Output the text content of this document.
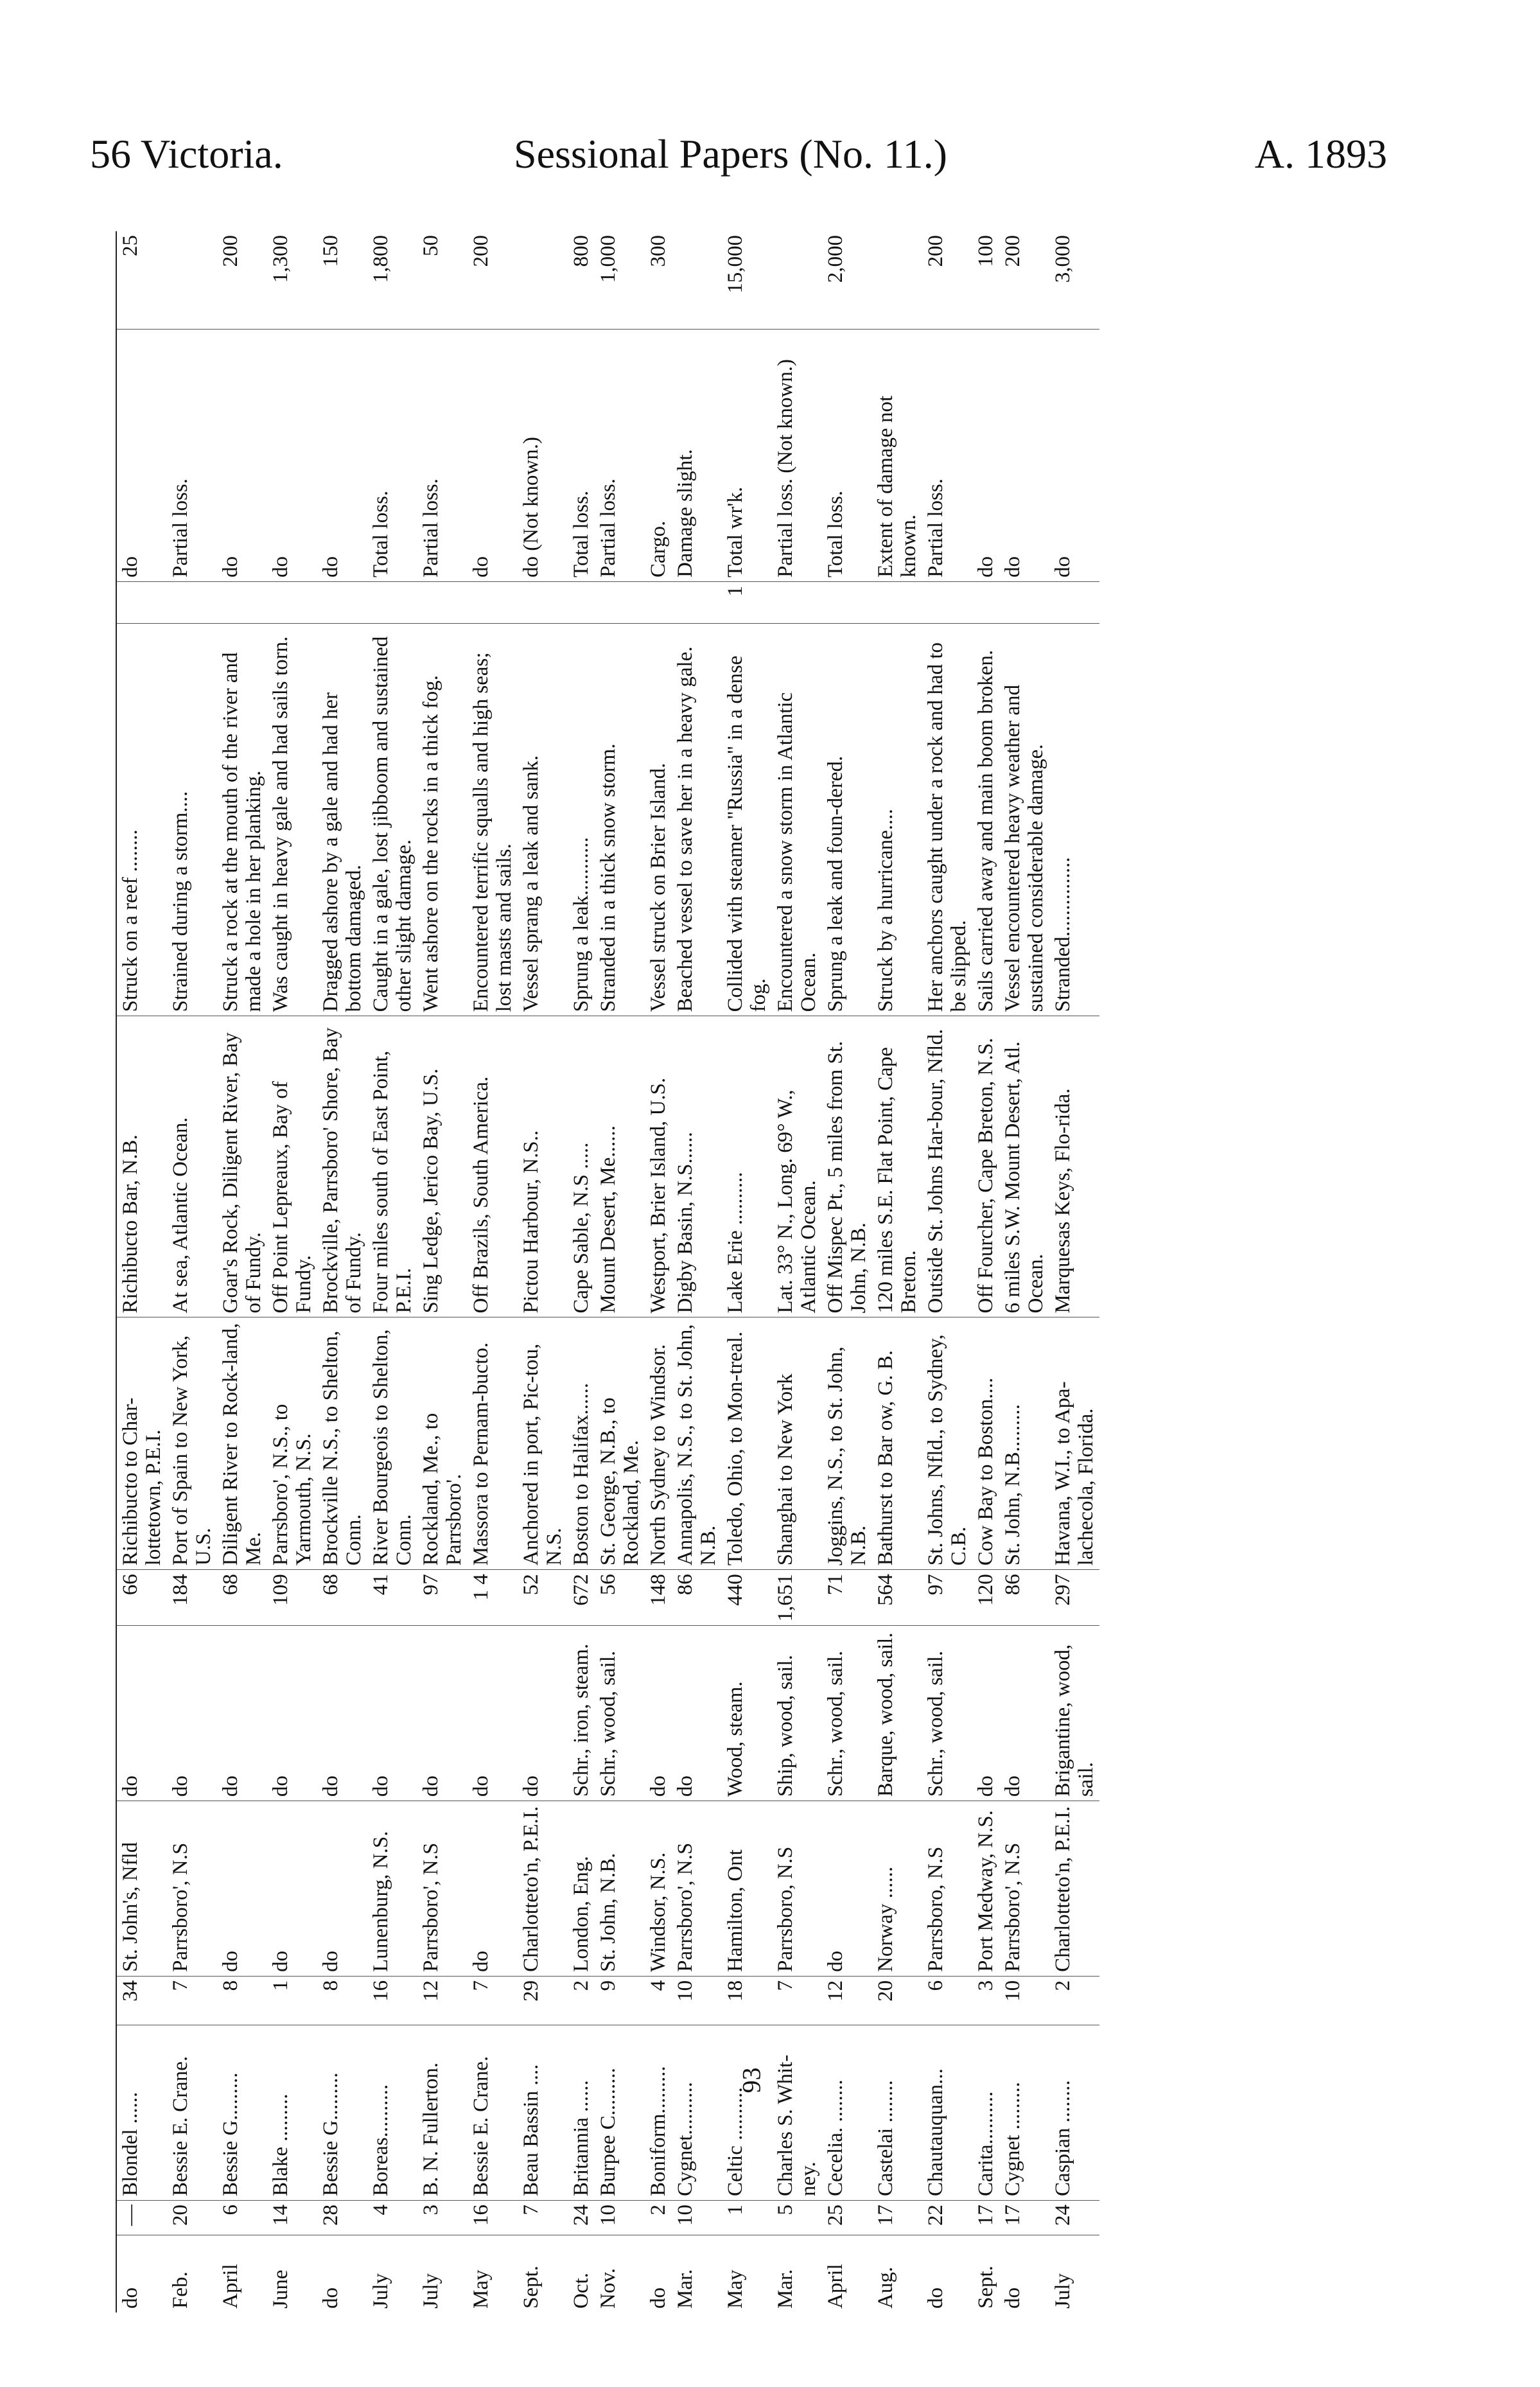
56 Victoria.	Sessional Papers (No. 11.)	A. 1893
do	—	Blondel ......	34	St. John's, Nfld	do	66	Richibucto to Char-lottetown, P.E.I.	Richibucto Bar, N.B.	Struck on a reef ........		do	25
Feb.	20	Bessie E. Crane.	7	Parrsboro', N.S	do	184	Port of Spain to New York, U.S.	At sea, Atlantic Ocean.	Strained during a storm....		Partial loss.	
April	6	Bessie G.........	8	do	do	68	Diligent River to Rock-land, Me.	Goar's Rock, Diligent River, Bay of Fundy.	Struck a rock at the mouth of the river and made a hole in her planking.		do	200
June	14	Blake .........	1	do	do	109	Parrsboro', N.S., to Yarmouth, N.S.	Off Point Lepreaux, Bay of Fundy.	Was caught in heavy gale and had sails torn.		do	1,300
do	28	Bessie G.........	8	do	do	68	Brockville N.S., to Shelton, Conn.	Brockville, Parrsboro' Shore, Bay of Fundy.	Dragged ashore by a gale and had her bottom damaged.		do	150
July	4	Boreas..........	16	Lunenburg, N.S.	do	41	River Bourgeois to Shelton, Conn.	Four miles south of East Point, P.E.I.	Caught in a gale, lost jibboom and sustained other slight damage.		Total loss.	1,800
July	3	B. N. Fullerton.	12	Parrsboro', N.S	do	97	Rockland, Me., to Parrsboro'.	Sing Ledge, Jerico Bay, U.S.	Went ashore on the rocks in a thick fog.		Partial loss.	50
May	16	Bessie E. Crane.	7	do	do	1 4	Massora to Pernam-bucto.	Off Brazils, South America.	Encountered terrific squalls and high seas; lost masts and sails.		do	200
Sept.	7	Beau Bassin ....	29	Charlotteto'n, P.E.I.	do	52	Anchored in port, Pic-tou, N.S.	Pictou Harbour, N.S..	Vessel sprang a leak and sank.		do (Not known.)	
Oct.	24	Britannia ......	2	London, Eng.	Schr., iron, steam.	672	Boston to Halifax......	Cape Sable, N.S .....	Sprung a leak...........		Total loss.	800
Nov.	10	Burpee C.........	9	St. John, N.B.	Schr., wood, sail.	56	St. George, N.B., to Rockland, Me.	Mount Desert, Me......	Stranded in a thick snow storm.		Partial loss.	1,000
do	2	Boniform.........	4	Windsor, N.S.	do	148	North Sydney to Windsor.	Westport, Brier Island, U.S.	Vessel struck on Brier Island.		Cargo.	300
Mar.	10	Cygnet..........	10	Parrsboro', N.S	do	86	Annapolis, N.S., to St. John, N.B.	Digby Basin, N.S......	Beached vessel to save her in a heavy gale.		Damage slight.	
May	1	Celtic ..........	18	Hamilton, Ont	Wood, steam.	440	Toledo, Ohio, to Mon-treal.	Lake Erie ..........	Collided with steamer "Russia" in a dense fog.	1	Total wr'k.	15,000
Mar.	5	Charles S. Whit-ney.	7	Parrsboro, N.S	Ship, wood, sail.	1,651	Shanghai to New York	Lat. 33° N., Long. 69° W., Atlantic Ocean.	Encountered a snow storm in Atlantic Ocean.		Partial loss. (Not known.)	
April	25	Cecelia. ........	12	do	Schr., wood, sail.	71	Joggins, N.S., to St. John, N.B.	Off Mispec Pt., 5 miles from St. John, N.B.	Sprung a leak and foun-dered.		Total loss.	2,000
Aug.	17	Castelai ........	20	Norway ......	Barque, wood, sail.	564	Bathurst to Bar ow, G. B.	120 miles S.E. Flat Point, Cape Breton.	Struck by a hurricane....		Extent of damage not known.	
do	22	Chautauquan...	6	Parrsboro, N.S	Schr., wood, sail.	97	St. Johns, Nfld., to Sydney, C.B.	Outside St. Johns Har-bour, Nfld.	Her anchors caught under a rock and had to be slipped.		Partial loss.	200
Sept.	17	Carita..........	3	Port Medway, N.S.	do	120	Cow Bay to Boston....	Off Fourcher, Cape Breton, N.S.	Sails carried away and main boom broken.		do	100
do	17	Cygnet .........	10	Parrsboro', N.S	do	86	St. John, N.B.........	6 miles S.W. Mount Desert, Atl. Ocean.	Vessel encountered heavy weather and sustained considerable damage.		do	200
July	24	Caspian ........	2	Charlotteto'n, P.E.I.	Brigantine, wood, sail.	297	Havana, W.I., to Apa-lachecola, Florida.	Marquesas Keys, Flo-rida.	Stranded...............		do	3,000
93
